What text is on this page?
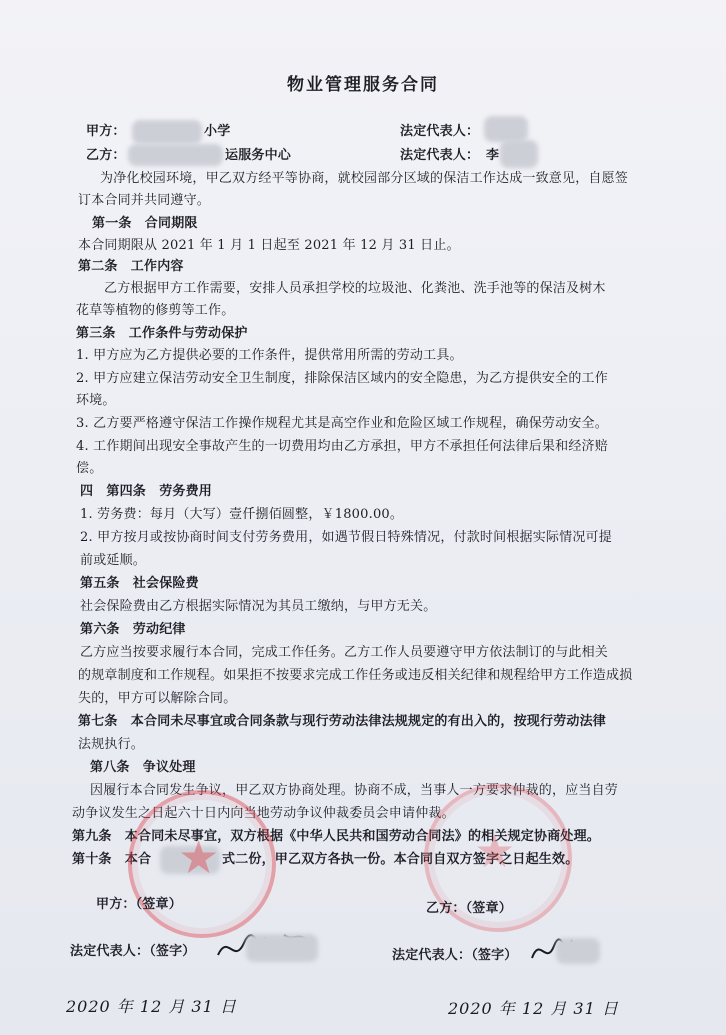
物业管理服务合同
甲方：	小学	法定代表人：
乙方：	运服务中心	法定代表人： 李
为净化校园环境，甲乙双方经平等协商，就校园部分区域的保洁工作达成一致意见，自愿签
订本合同并共同遵守。
第一条　合同期限
本合同期限从 2021 年 1 月 1 日起至 2021 年 12 月 31 日止。
第二条　工作内容
乙方根据甲方工作需要，安排人员承担学校的垃圾池、化粪池、洗手池等的保洁及树木
花草等植物的修剪等工作。
第三条　工作条件与劳动保护
1. 甲方应为乙方提供必要的工作条件，提供常用所需的劳动工具。
2. 甲方应建立保洁劳动安全卫生制度，排除保洁区域内的安全隐患，为乙方提供安全的工作
环境。
3. 乙方要严格遵守保洁工作操作规程尤其是高空作业和危险区域工作规程，确保劳动安全。
4. 工作期间出现安全事故产生的一切费用均由乙方承担，甲方不承担任何法律后果和经济赔
偿。
四　第四条　劳务费用
1. 劳务费：每月（大写）壹仟捌佰圆整，￥1800.00。
2. 甲方按月或按协商时间支付劳务费用，如遇节假日特殊情况，付款时间根据实际情况可提
前或延顺。
第五条　社会保险费
社会保险费由乙方根据实际情况为其员工缴纳，与甲方无关。
第六条　劳动纪律
乙方应当按要求履行本合同，完成工作任务。乙方工作人员要遵守甲方依法制订的与此相关
的规章制度和工作规程。如果拒不按要求完成工作任务或违反相关纪律和规程给甲方工作造成损
失的，甲方可以解除合同。
第七条　本合同未尽事宜或合同条款与现行劳动法律法规规定的有出入的，按现行劳动法律
法规执行。
第八条　争议处理
因履行本合同发生争议，甲乙双方协商处理。协商不成，当事人一方要求仲裁的，应当自劳
动争议发生之日起六十日内向当地劳动争议仲裁委员会申请仲裁。
第九条　本合同未尽事宜，双方根据《中华人民共和国劳动合同法》的相关规定协商处理。
第十条　本合	式二份，甲乙双方各执一份。本合同自双方签字之日起生效。
★	★
甲方：（签章）	乙方：（签章）
法定代表人：（签字）	法定代表人：（签字）
2020 年 12 月 31 日	2020 年 12 月 31 日
